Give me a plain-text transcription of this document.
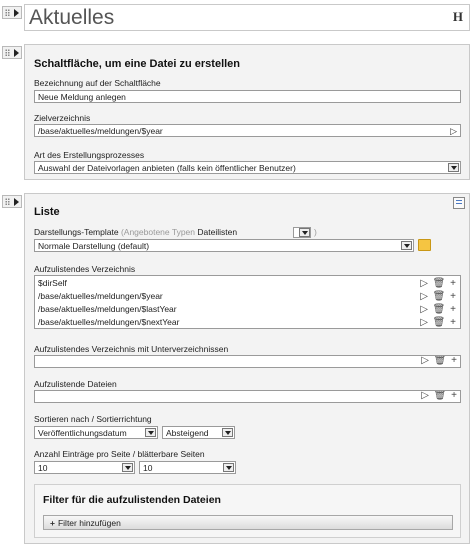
Aktuelles	H
Schaltfläche, um eine Datei zu erstellen
Bezeichnung auf der Schaltfläche
Neue Meldung anlegen
Zielverzeichnis
/base/aktuelles/meldungen/$year	▷
Art des Erstellungsprozesses
Auswahl der Dateivorlagen anbieten (falls kein öffentlicher Benutzer)
Liste
Darstellungs-Template (Angebotene Typen Dateilisten	)
Normale Darstellung (default)
Aufzulistendes Verzeichnis
$dirSelf	▷ 🗑 +
/base/aktuelles/meldungen/$year	▷ 🗑 +
/base/aktuelles/meldungen/$lastYear	▷ 🗑 +
/base/aktuelles/meldungen/$nextYear	▷ 🗑 +
Aufzulistendes Verzeichnis mit Unterverzeichnissen
▷ 🗑 +
Aufzulistende Dateien
▷ 🗑 +
Sortieren nach / Sortierrichtung
Veröffentlichungsdatum	Absteigend
Anzahl Einträge pro Seite / blätterbare Seiten
10	10
Filter für die aufzulistenden Dateien
+ Filter hinzufügen
